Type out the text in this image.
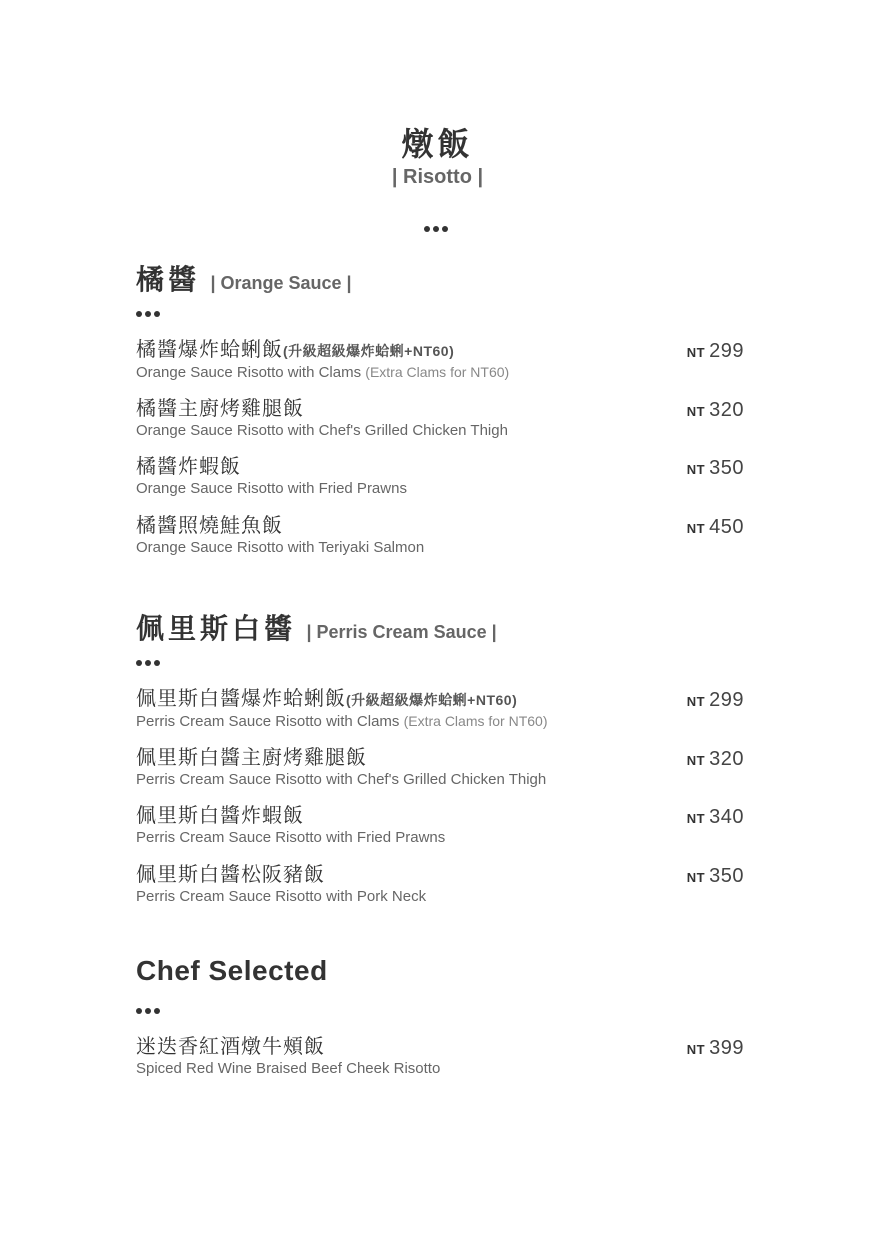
燉飯
| Risotto |
橘醬 | Orange Sauce |
橘醬爆炸蛤蜊飯(升級超級爆炸蛤蜊+NT60)
Orange Sauce Risotto with Clams (Extra Clams for NT60)
NT 299
橘醬主廚烤雞腿飯
Orange Sauce Risotto with Chef's Grilled Chicken Thigh
NT 320
橘醬炸蝦飯
Orange Sauce Risotto with Fried Prawns
NT 350
橘醬照燒鮭魚飯
Orange Sauce Risotto with Teriyaki Salmon
NT 450
佩里斯白醬 | Perris Cream Sauce |
佩里斯白醬爆炸蛤蜊飯(升級超級爆炸蛤蜊+NT60)
Perris Cream Sauce Risotto with Clams (Extra Clams for NT60)
NT 299
佩里斯白醬主廚烤雞腿飯
Perris Cream Sauce Risotto with Chef's Grilled Chicken Thigh
NT 320
佩里斯白醬炸蝦飯
Perris Cream Sauce Risotto with Fried Prawns
NT 340
佩里斯白醬松阪豬飯
Perris Cream Sauce Risotto with Pork Neck
NT 350
Chef Selected
迷迭香紅酒燉牛頰飯
Spiced Red Wine Braised Beef Cheek Risotto
NT 399
